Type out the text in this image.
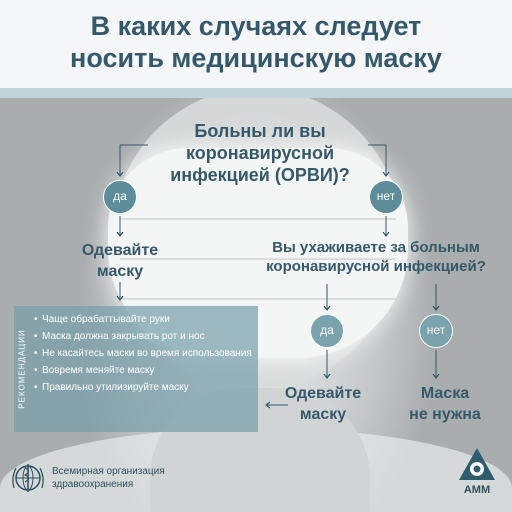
В каких случаях следует
носить медицинскую маску
Больны ли вы
коронавирусной
инфекцией (ОРВИ)?
да	нет
Одевайте
маску
Вы ухаживаете за больным
коронавирусной инфекцией?
да	нет
Одевайте
маску
Маска
не нужна
РЕКОМЕНДАЦИИ
• Чаще обрабаттывайте руки
• Маска должна закрывать рот и нос
• Не касайтесь маски во время использования
• Вовремя меняйте маску
• Правильно утилизируйте маску
Всемирная организация
здравоохранения	АММ
